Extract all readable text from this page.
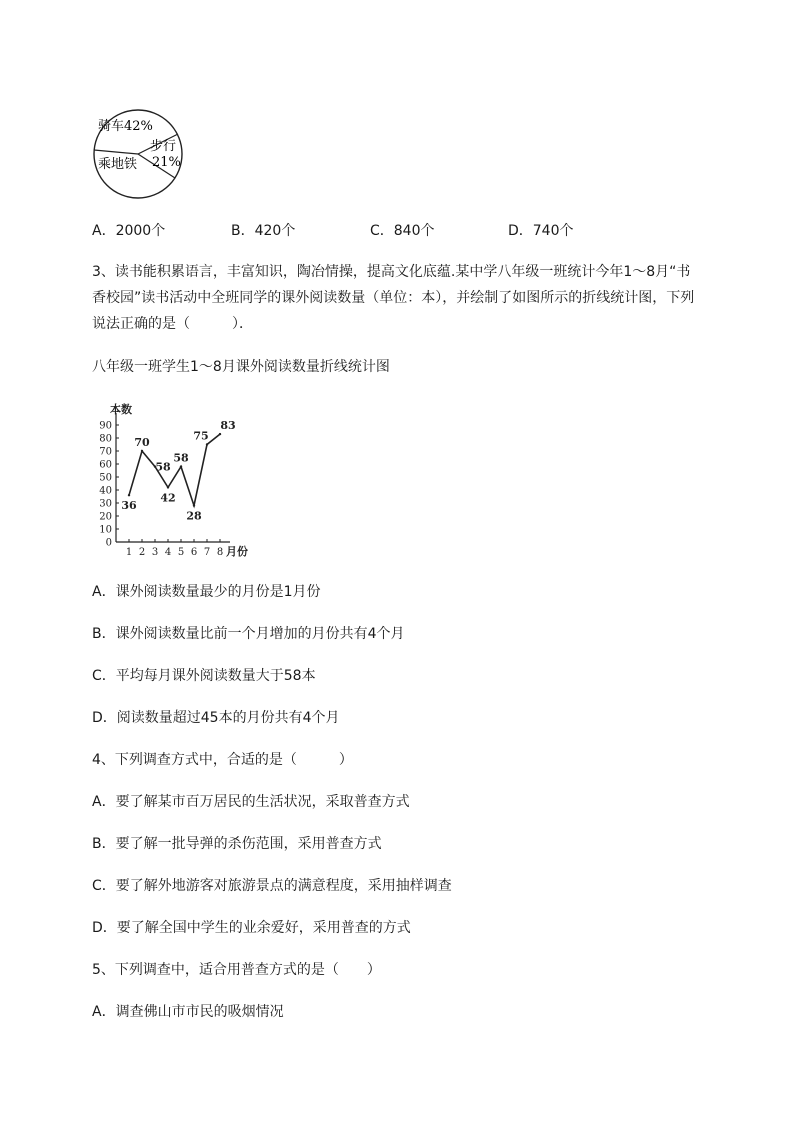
骑车42%
步行
21%
乘地铁
A．2000个	B．420个	C．840个	D．740个
3、读书能积累语言，丰富知识，陶冶情操，提高文化底蕴.某中学八年级一班统计今年1～8月“书
香校园”读书活动中全班同学的课外阅读数量（单位：本），并绘制了如图所示的折线统计图，下列
说法正确的是（　　　）．
八年级一班学生1～8月课外阅读数量折线统计图
0
10
20
30
40
50
60
70
80
90
1 2 3 4 5 6 7 8
本数
月份
36
70
58
42
58
28
75
83
A．课外阅读数量最少的月份是1月份
B．课外阅读数量比前一个月增加的月份共有4个月
C．平均每月课外阅读数量大于58本
D．阅读数量超过45本的月份共有4个月
4、下列调查方式中，合适的是（　　　）
A．要了解某市百万居民的生活状况，采取普查方式
B．要了解一批导弹的杀伤范围，采用普查方式
C．要了解外地游客对旅游景点的满意程度，采用抽样调查
D．要了解全国中学生的业余爱好，采用普查的方式
5、下列调查中，适合用普查方式的是（　　）
A．调查佛山市市民的吸烟情况
